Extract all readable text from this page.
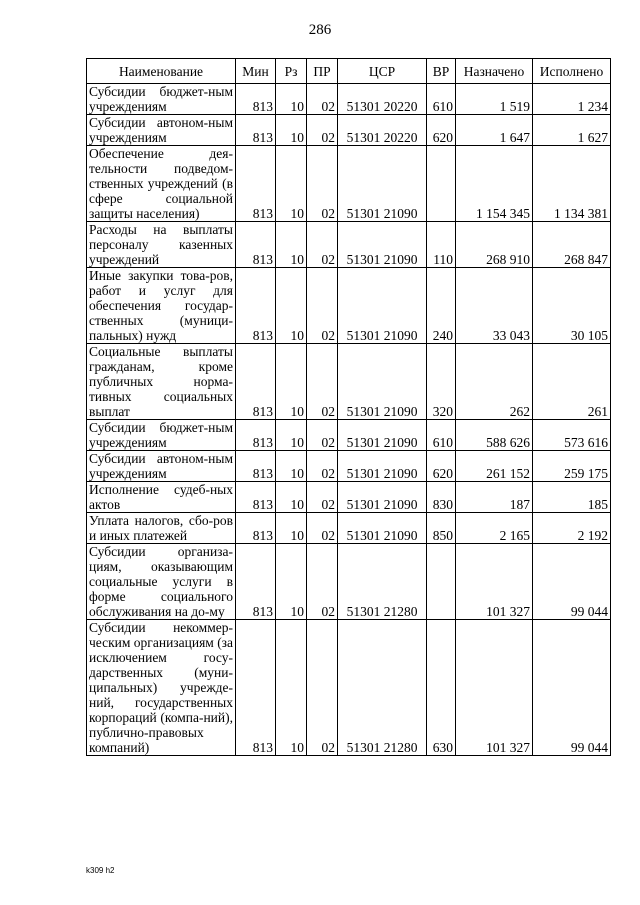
286
Наименование	Мин	Рз	ПР	ЦСР	ВР	Назначено	Исполнено
Субсидии бюджет-ным учреждениям	813	10	02	51301 20220	610	1 519	1 234
Субсидии автоном-ным учреждениям	813	10	02	51301 20220	620	1 647	1 627
Обеспечение дея-тельности подведом-ственных учреждений (в сфере социальной защиты населения)	813	10	02	51301 21090		1 154 345	1 134 381
Расходы на выплаты персоналу казенных учреждений	813	10	02	51301 21090	110	268 910	268 847
Иные закупки това-ров, работ и услуг для обеспечения государ-ственных (муници-пальных) нужд	813	10	02	51301 21090	240	33 043	30 105
Социальные выплаты гражданам, кроме публичных норма-тивных социальных выплат	813	10	02	51301 21090	320	262	261
Субсидии бюджет-ным учреждениям	813	10	02	51301 21090	610	588 626	573 616
Субсидии автоном-ным учреждениям	813	10	02	51301 21090	620	261 152	259 175
Исполнение судеб-ных актов	813	10	02	51301 21090	830	187	185
Уплата налогов, сбо-ров и иных платежей	813	10	02	51301 21090	850	2 165	2 192
Субсидии организа-циям, оказывающим социальные услуги в форме социального обслуживания на до-му	813	10	02	51301 21280		101 327	99 044
Субсидии некоммер-ческим организациям (за исключением госу-дарственных (муни-ципальных) учрежде-ний, государственных корпораций (компа-ний), публично-правовых компаний)	813	10	02	51301 21280	630	101 327	99 044
k309 h2
